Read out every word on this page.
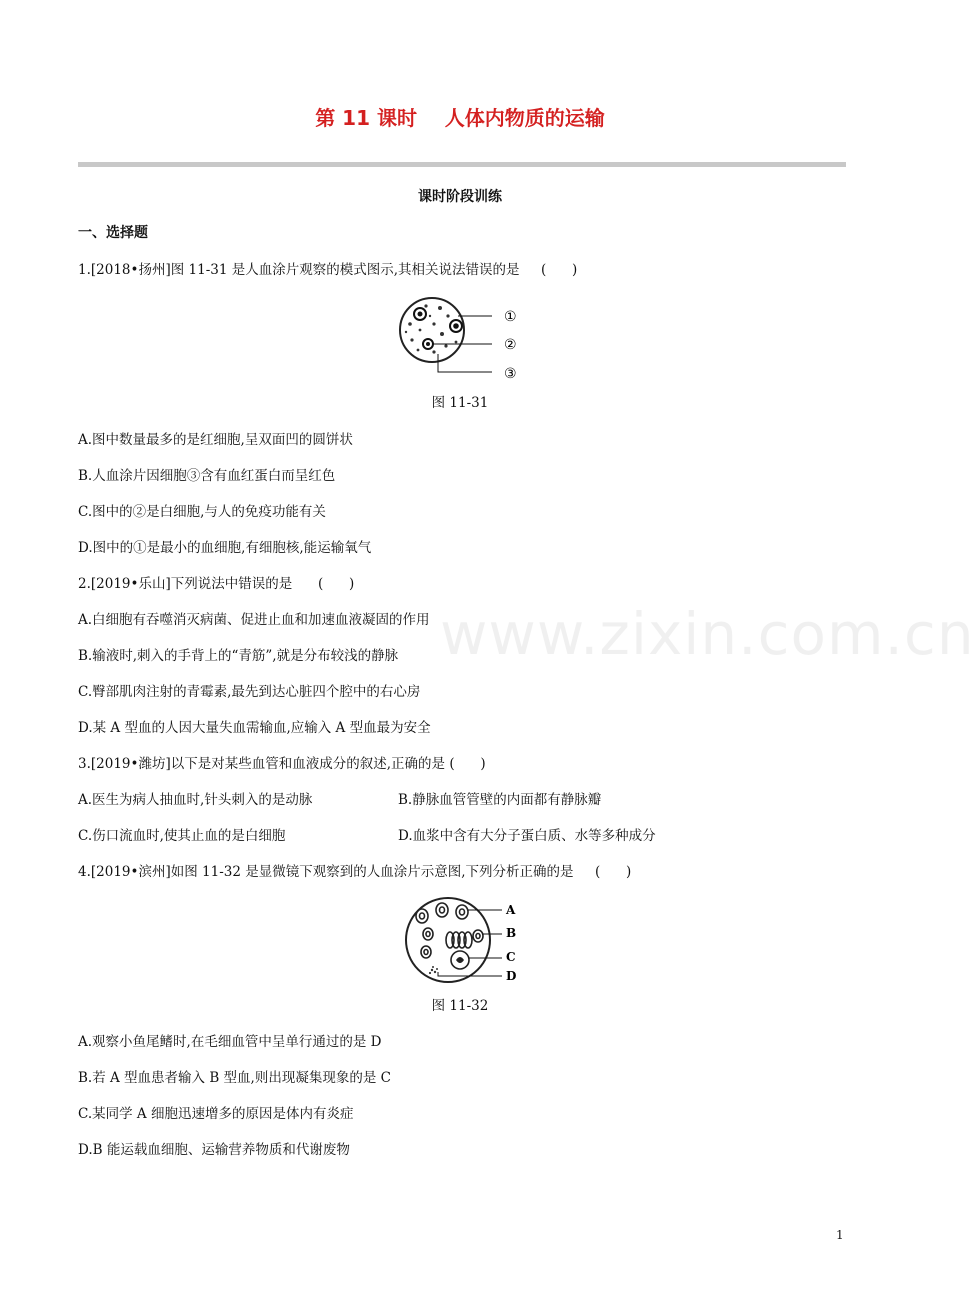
第 11 课时    人体内物质的运输
课时阶段训练
一、选择题
1.[2018•扬州]图 11-31 是人血涂片观察的模式图示,其相关说法错误的是     (      )
①
②
③
图 11-31
A.图中数量最多的是红细胞,呈双面凹的圆饼状
B.人血涂片因细胞③含有血红蛋白而呈红色
C.图中的②是白细胞,与人的免疫功能有关
D.图中的①是最小的血细胞,有细胞核,能运输氧气
2.[2019•乐山]下列说法中错误的是      (      )
A.白细胞有吞噬消灭病菌、促进止血和加速血液凝固的作用
B.输液时,刺入的手背上的“青筋”,就是分布较浅的静脉
C.臀部肌肉注射的青霉素,最先到达心脏四个腔中的右心房
D.某 A 型血的人因大量失血需输血,应输入 A 型血最为安全
3.[2019•潍坊]以下是对某些血管和血液成分的叙述,正确的是 (      )
A.医生为病人抽血时,针头刺入的是动脉	B.静脉血管管壁的内面都有静脉瓣
C.伤口流血时,使其止血的是白细胞	D.血浆中含有大分子蛋白质、水等多种成分
4.[2019•滨州]如图 11-32 是显微镜下观察到的人血涂片示意图,下列分析正确的是     (      )
A
B
C
D
图 11-32
A.观察小鱼尾鳍时,在毛细血管中呈单行通过的是 D
B.若 A 型血患者输入 B 型血,则出现凝集现象的是 C
C.某同学 A 细胞迅速增多的原因是体内有炎症
D.B 能运载血细胞、运输营养物质和代谢废物
www.zixin.com.cn
1
